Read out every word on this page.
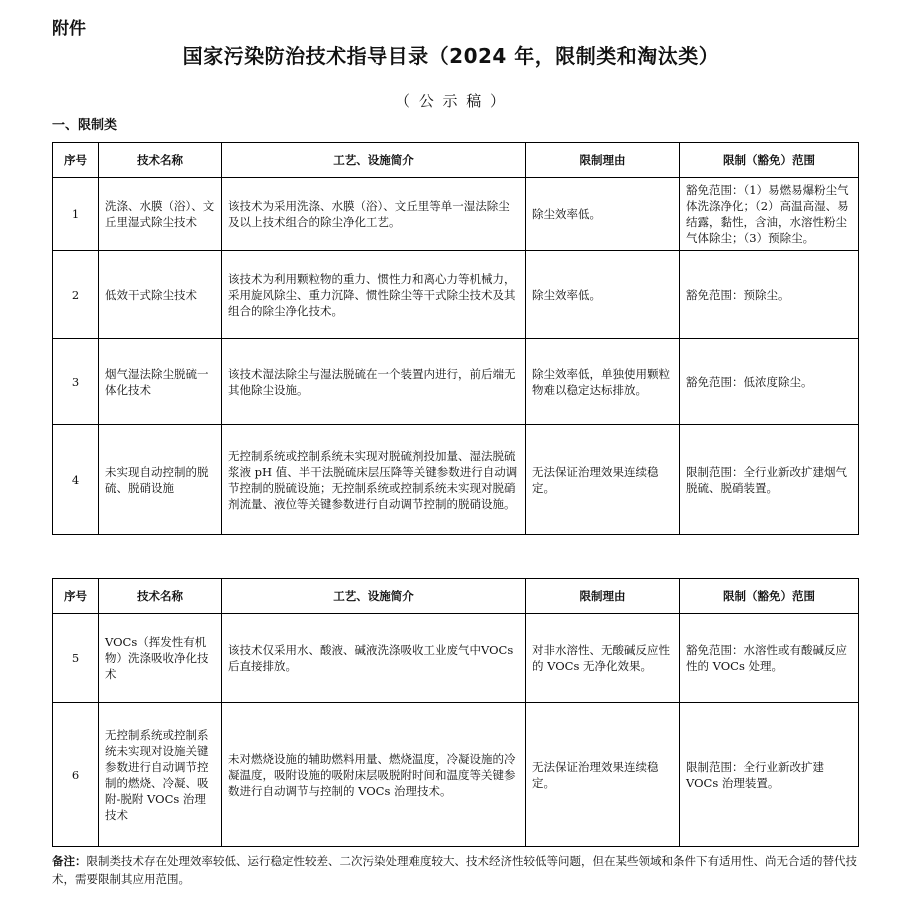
附件
国家污染防治技术指导目录（2024 年，限制类和淘汰类）
（ 公 示 稿 ）
一、限制类
序号	技术名称	工艺、设施简介	限制理由	限制（豁免）范围
1	洗涤、水膜（浴）、文丘里湿式除尘技术	该技术为采用洗涤、水膜（浴）、文丘里等单一湿法除尘及以上技术组合的除尘净化工艺。	除尘效率低。	豁免范围：（1）易燃易爆粉尘气体洗涤净化；（2）高温高湿、易结露，黏性，含油，水溶性粉尘气体除尘；（3）预除尘。
2	低效干式除尘技术	该技术为利用颗粒物的重力、惯性力和离心力等机械力，采用旋风除尘、重力沉降、惯性除尘等干式除尘技术及其组合的除尘净化技术。	除尘效率低。	豁免范围：预除尘。
3	烟气湿法除尘脱硫一体化技术	该技术湿法除尘与湿法脱硫在一个装置内进行，前后端无其他除尘设施。	除尘效率低，单独使用颗粒物难以稳定达标排放。	豁免范围：低浓度除尘。
4	未实现自动控制的脱硫、脱硝设施	无控制系统或控制系统未实现对脱硫剂投加量、湿法脱硫浆液 pH 值、半干法脱硫床层压降等关键参数进行自动调节控制的脱硫设施；无控制系统或控制系统未实现对脱硝剂流量、液位等关键参数进行自动调节控制的脱硝设施。	无法保证治理效果连续稳定。	限制范围：全行业新改扩建烟气脱硫、脱硝装置。
序号	技术名称	工艺、设施简介	限制理由	限制（豁免）范围
5	VOCs（挥发性有机物）洗涤吸收净化技术	该技术仅采用水、酸液、碱液洗涤吸收工业废气中VOCs 后直接排放。	对非水溶性、无酸碱反应性的 VOCs 无净化效果。	豁免范围：水溶性或有酸碱反应性的 VOCs 处理。
6	无控制系统或控制系统未实现对设施关键参数进行自动调节控制的燃烧、冷凝、吸附-脱附 VOCs 治理技术	未对燃烧设施的辅助燃料用量、燃烧温度，冷凝设施的冷凝温度，吸附设施的吸附床层吸脱附时间和温度等关键参数进行自动调节与控制的 VOCs 治理技术。	无法保证治理效果连续稳定。	限制范围：全行业新改扩建 VOCs 治理装置。
备注：限制类技术存在处理效率较低、运行稳定性较差、二次污染处理难度较大、技术经济性较低等问题，但在某些领域和条件下有适用性、尚无合适的替代技术，需要限制其应用范围。
